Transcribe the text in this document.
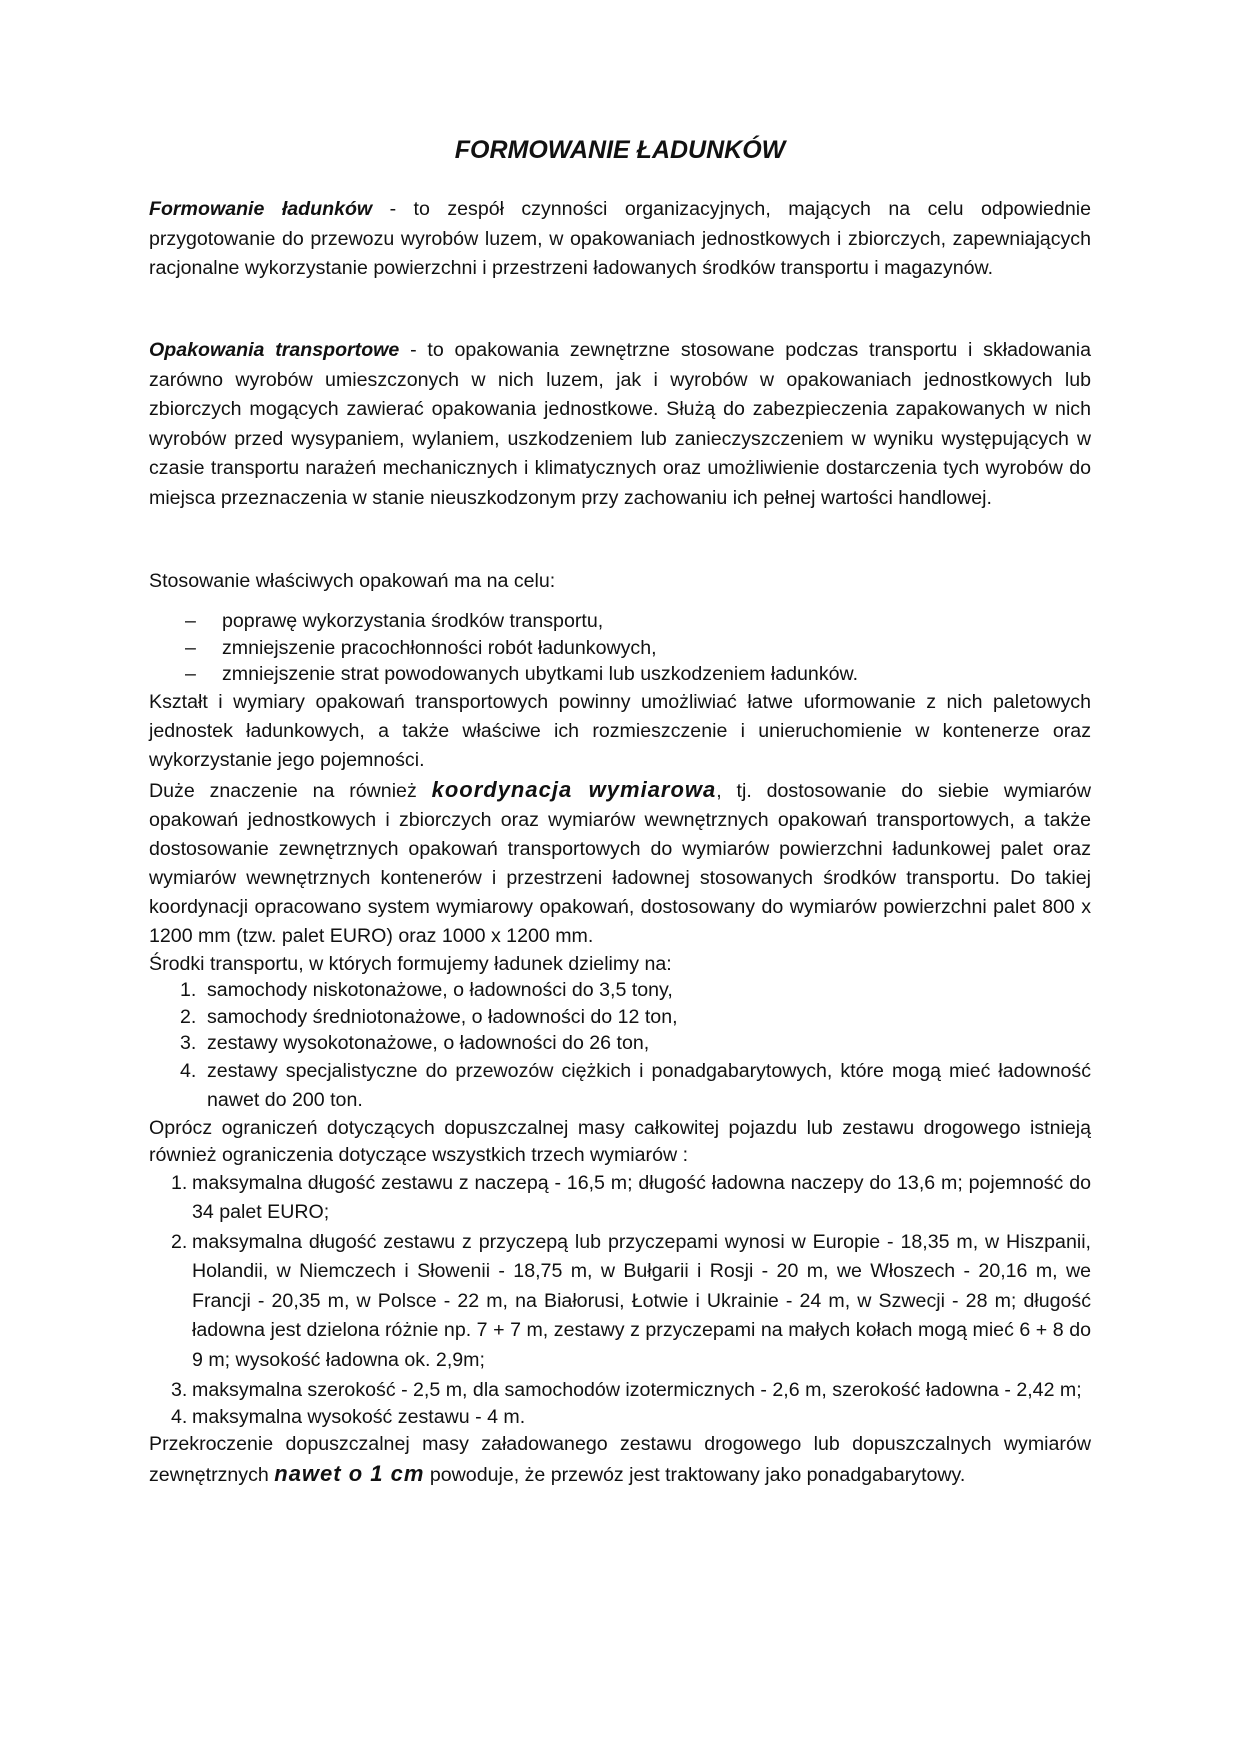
FORMOWANIE ŁADUNKÓW
Formowanie ładunków - to zespół czynności organizacyjnych, mających na celu odpowiednie przygotowanie do przewozu wyrobów luzem, w opakowaniach jednostkowych i zbiorczych, zapewniających racjonalne wykorzystanie powierzchni i przestrzeni ładowanych środków transportu i magazynów.
Opakowania transportowe - to opakowania zewnętrzne stosowane podczas transportu i składowania zarówno wyrobów umieszczonych w nich luzem, jak i wyrobów w opakowaniach jednostkowych lub zbiorczych mogących zawierać opakowania jednostkowe. Służą do zabezpieczenia zapakowanych w nich wyrobów przed wysypaniem, wylaniem, uszkodzeniem lub zanieczyszczeniem w wyniku występujących w czasie transportu narażeń mechanicznych i klimatycznych oraz umożliwienie dostarczenia tych wyrobów do miejsca przeznaczenia w stanie nieuszkodzonym przy zachowaniu ich pełnej wartości handlowej.
Stosowanie właściwych opakowań ma na celu:
– poprawę wykorzystania środków transportu,
– zmniejszenie pracochłonności robót ładunkowych,
– zmniejszenie strat powodowanych ubytkami lub uszkodzeniem ładunków.

Kształt i wymiary opakowań transportowych powinny umożliwiać łatwe uformowanie z nich paletowych jednostek ładunkowych, a także właściwe ich rozmieszczenie i unieruchomienie w kontenerze oraz wykorzystanie jego pojemności.

Duże znaczenie na również koordynacja wymiarowa, tj. dostosowanie do siebie wymiarów opakowań jednostkowych i zbiorczych oraz wymiarów wewnętrznych opakowań transportowych, a także dostosowanie zewnętrznych opakowań transportowych do wymiarów powierzchni ładunkowej palet oraz wymiarów wewnętrznych kontenerów i przestrzeni ładownej stosowanych środków transportu. Do takiej koordynacji opracowano system wymiarowy opakowań, dostosowany do wymiarów powierzchni palet 800 x 1200 mm (tzw. palet EURO) oraz 1000 x 1200 mm.

Środki transportu, w których formujemy ładunek dzielimy na:

1. samochody niskotonażowe, o ładowności do 3,5 tony,
2. samochody średniotonażowe, o ładowności do 12 ton,
3. zestawy wysokotonażowe, o ładowności do 26 ton,
4. zestawy specjalistyczne do przewozów ciężkich i ponadgabarytowych, które mogą mieć ładowność nawet do 200 ton.

Oprócz ograniczeń dotyczących dopuszczalnej masy całkowitej pojazdu lub zestawu drogowego istnieją również ograniczenia dotyczące wszystkich trzech wymiarów :

1. maksymalna długość zestawu z naczepą - 16,5 m; długość ładowna naczepy do 13,6 m; pojemność do 34 palet EURO;
2. maksymalna długość zestawu z przyczepą lub przyczepami wynosi w Europie - 18,35 m, w Hiszpanii, Holandii, w Niemczech i Słowenii - 18,75 m, w Bułgarii i Rosji - 20 m, we Włoszech - 20,16 m, we Francji - 20,35 m, w Polsce - 22 m, na Białorusi, Łotwie i Ukrainie - 24 m, w Szwecji - 28 m; długość ładowna jest dzielona różnie np. 7 + 7 m, zestawy z przyczepami na małych kołach mogą mieć 6 + 8 do 9 m; wysokość ładowna ok. 2,9m;
3. maksymalna szerokość - 2,5 m, dla samochodów izotermicznych - 2,6 m, szerokość ładowna - 2,42 m;
4. maksymalna wysokość zestawu - 4 m.

Przekroczenie dopuszczalnej masy załadowanego zestawu drogowego lub dopuszczalnych wymiarów zewnętrznych nawet o 1 cm powoduje, że przewóz jest traktowany jako ponadgabarytowy.
